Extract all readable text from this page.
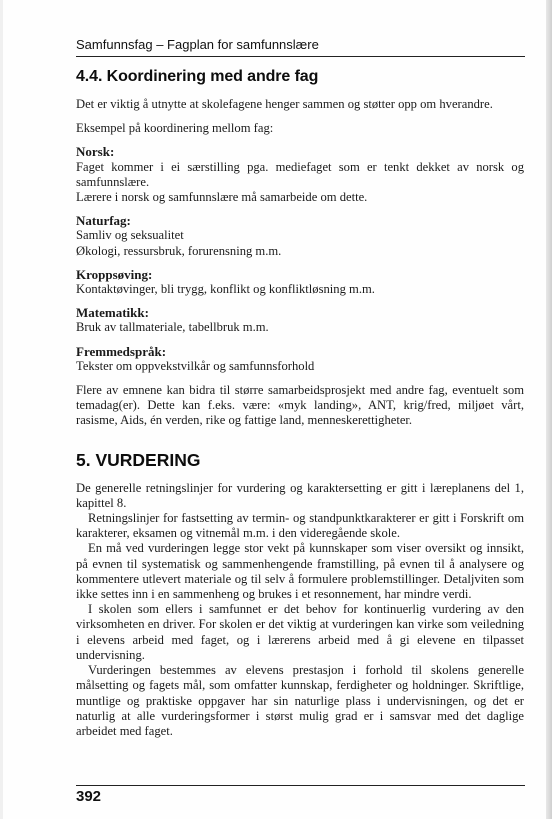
Samfunnsfag – Fagplan for samfunnslære
4.4. Koordinering med andre fag

Det er viktig å utnytte at skolefagene henger sammen og støtter opp om hverandre.

Eksempel på koordinering mellom fag:

Norsk:

Faget kommer i ei særstilling pga. mediefaget som er tenkt dekket av norsk og samfunnslære.

Lærere i norsk og samfunnslære må samarbeide om dette.

Naturfag:

Samliv og seksualitet

Økologi, ressursbruk, forurensning m.m.

Kroppsøving:

Kontaktøvinger, bli trygg, konflikt og konfliktløsning m.m.

Matematikk:

Bruk av tallmateriale, tabellbruk m.m.

Fremmedspråk:

Tekster om oppvekstvilkår og samfunnsforhold

Flere av emnene kan bidra til større samarbeidsprosjekt med andre fag, eventuelt som temadag(er). Dette kan f.eks. være: «myk landing», ANT, krig/fred, miljøet vårt, rasisme, Aids, én verden, rike og fattige land, menneskerettigheter.

5. VURDERING

De generelle retningslinjer for vurdering og karaktersetting er gitt i læreplanens del 1, kapittel 8.

Retningslinjer for fastsetting av termin- og standpunktkarakterer er gitt i Forskrift om karakterer, eksamen og vitnemål m.m. i den videregående skole.

En må ved vurderingen legge stor vekt på kunnskaper som viser oversikt og innsikt, på evnen til systematisk og sammenhengende framstilling, på evnen til å analysere og kommentere utlevert materiale og til selv å formulere problemstillinger. Detaljviten som ikke settes inn i en sammenheng og brukes i et resonnement, har mindre verdi.

I skolen som ellers i samfunnet er det behov for kontinuerlig vurdering av den virksomheten en driver. For skolen er det viktig at vurderingen kan virke som veiledning i elevens arbeid med faget, og i lærerens arbeid med å gi elevene en tilpasset undervisning.

Vurderingen bestemmes av elevens prestasjon i forhold til skolens generelle målsetting og fagets mål, som omfatter kunnskap, ferdigheter og holdninger. Skriftlige, muntlige og praktiske oppgaver har sin naturlige plass i undervisningen, og det er naturlig at alle vurderingsformer i størst mulig grad er i samsvar med det daglige arbeidet med faget.

392
